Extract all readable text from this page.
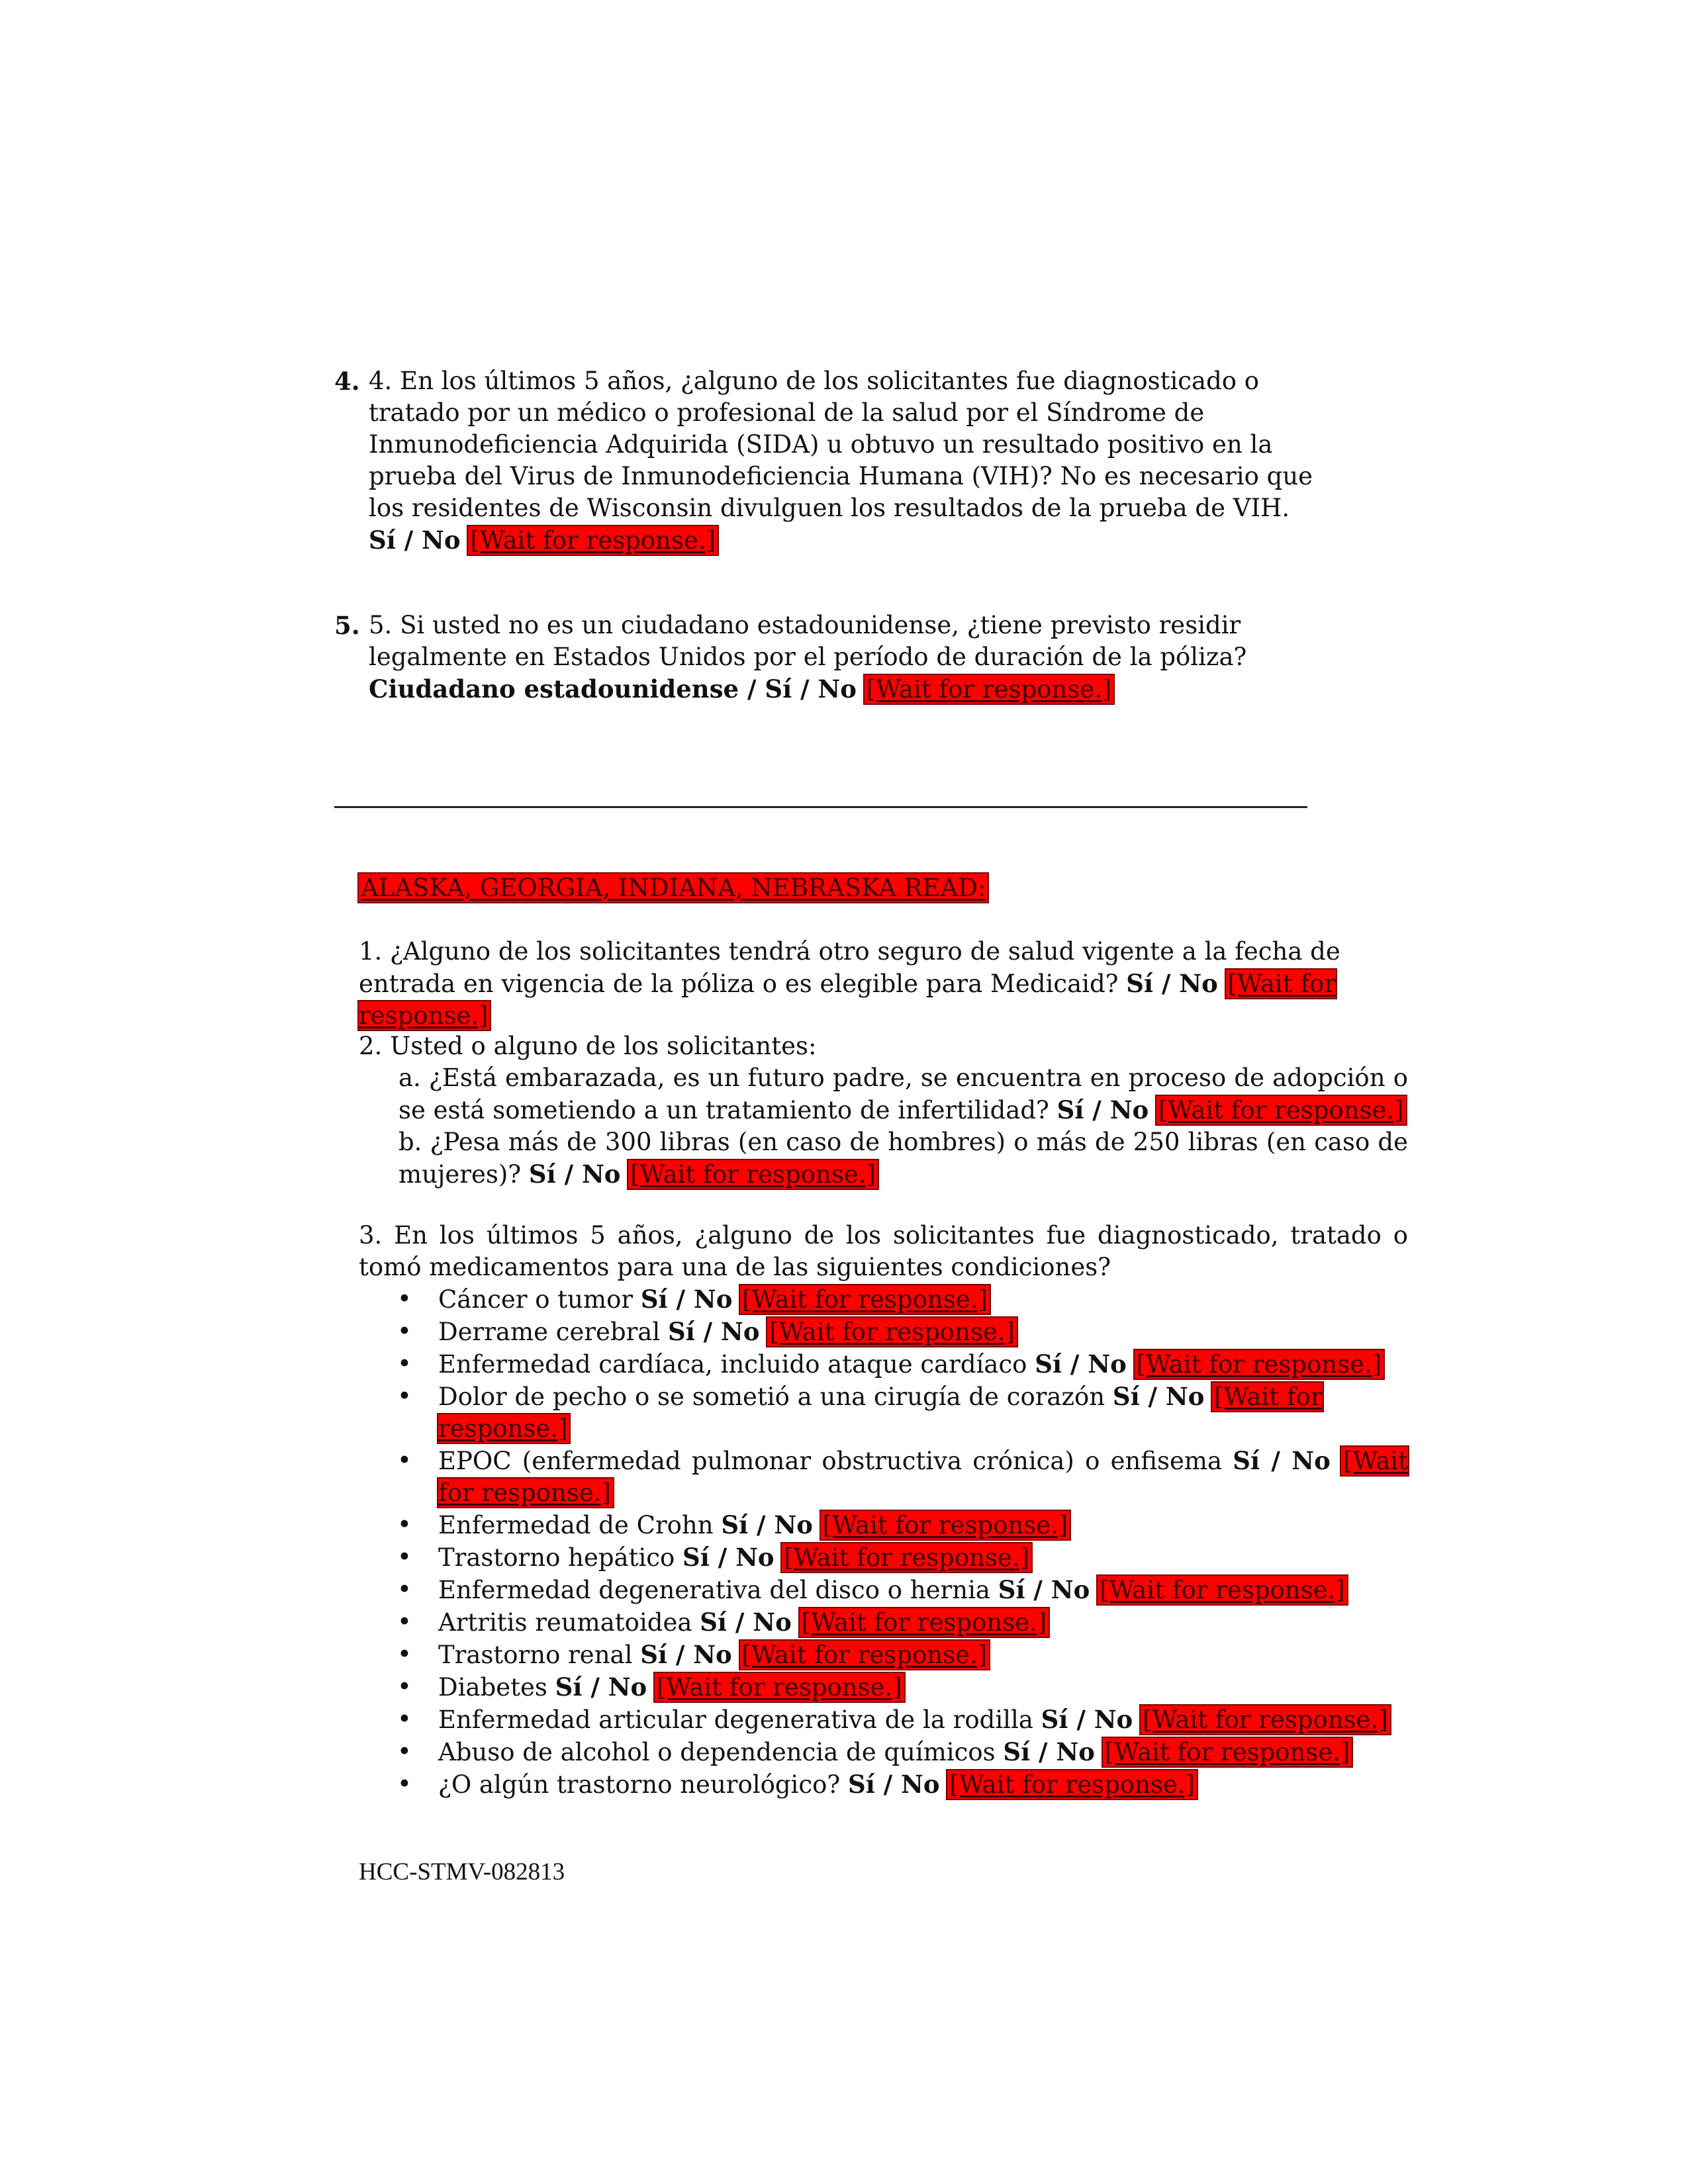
4. 4. En los últimos 5 años, ¿alguno de los solicitantes fue diagnosticado o tratado por un médico o profesional de la salud por el Síndrome de Inmunodeficiencia Adquirida (SIDA) u obtuvo un resultado positivo en la prueba del Virus de Inmunodeficiencia Humana (VIH)? No es necesario que los residentes de Wisconsin divulguen los resultados de la prueba de VIH. Sí / No [Wait for response.]
5. 5. Si usted no es un ciudadano estadounidense, ¿tiene previsto residir legalmente en Estados Unidos por el período de duración de la póliza? Ciudadano estadounidense / Sí / No [Wait for response.]
ALASKA, GEORGIA, INDIANA, NEBRASKA READ:
1. ¿Alguno de los solicitantes tendrá otro seguro de salud vigente a la fecha de entrada en vigencia de la póliza o es elegible para Medicaid? Sí / No [Wait for response.]
2. Usted o alguno de los solicitantes:
a. ¿Está embarazada, es un futuro padre, se encuentra en proceso de adopción o se está sometiendo a un tratamiento de infertilidad? Sí / No [Wait for response.]
b. ¿Pesa más de 300 libras (en caso de hombres) o más de 250 libras (en caso de mujeres)? Sí / No [Wait for response.]
3. En los últimos 5 años, ¿alguno de los solicitantes fue diagnosticado, tratado o tomó medicamentos para una de las siguientes condiciones?
• Cáncer o tumor Sí / No [Wait for response.]
• Derrame cerebral Sí / No [Wait for response.]
• Enfermedad cardíaca, incluido ataque cardíaco Sí / No [Wait for response.]
• Dolor de pecho o se sometió a una cirugía de corazón Sí / No [Wait for response.]
• EPOC (enfermedad pulmonar obstructiva crónica) o enfisema Sí / No [Wait for response.]
• Enfermedad de Crohn Sí / No [Wait for response.]
• Trastorno hepático Sí / No [Wait for response.]
• Enfermedad degenerativa del disco o hernia Sí / No [Wait for response.]
• Artritis reumatoidea Sí / No [Wait for response.]
• Trastorno renal Sí / No [Wait for response.]
• Diabetes Sí / No [Wait for response.]
• Enfermedad articular degenerativa de la rodilla Sí / No [Wait for response.]
• Abuso de alcohol o dependencia de químicos Sí / No [Wait for response.]
• ¿O algún trastorno neurológico? Sí / No [Wait for response.]
HCC-STMV-082813
